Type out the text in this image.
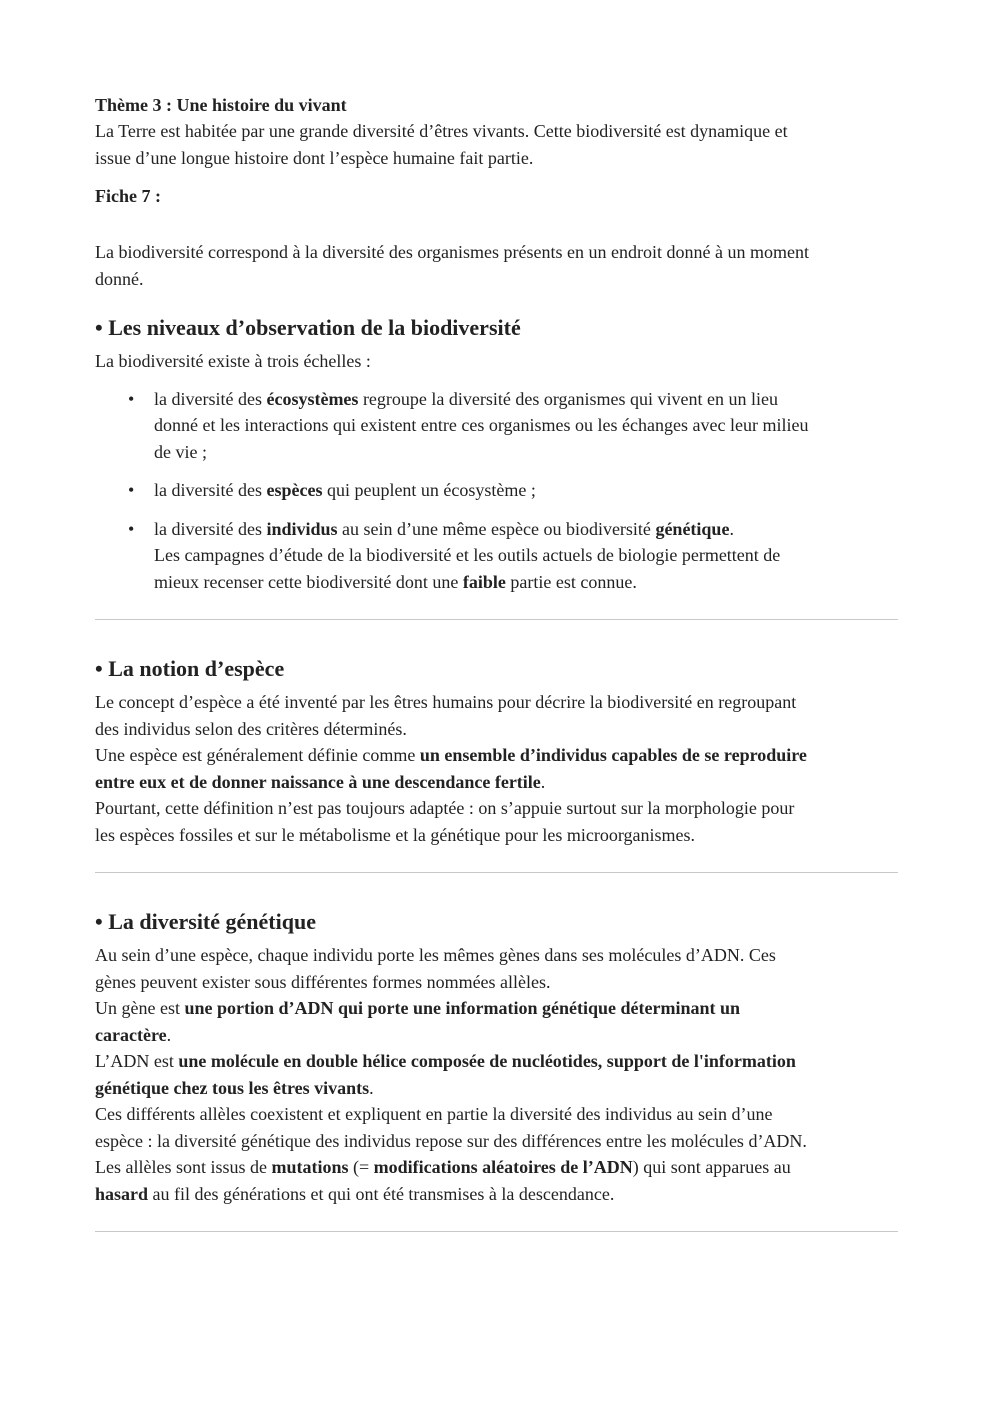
Thème 3 : Une histoire du vivant

La Terre est habitée par une grande diversité d’êtres vivants. Cette biodiversité est dynamique et

issue d’une longue histoire dont l’espèce humaine fait partie.

Fiche 7 :

La biodiversité correspond à la diversité des organismes présents en un endroit donné à un moment

donné.

• Les niveaux d’observation de la biodiversité

La biodiversité existe à trois échelles :

• la diversité des écosystèmes regroupe la diversité des organismes qui vivent en un lieu
donné et les interactions qui existent entre ces organismes ou les échanges avec leur milieu
de vie ;
• la diversité des espèces qui peuplent un écosystème ;
• la diversité des individus au sein d’une même espèce ou biodiversité génétique.
Les campagnes d’étude de la biodiversité et les outils actuels de biologie permettent de
mieux recenser cette biodiversité dont une faible partie est connue.
• La notion d’espèce

Le concept d’espèce a été inventé par les êtres humains pour décrire la biodiversité en regroupant

des individus selon des critères déterminés.

Une espèce est généralement définie comme un ensemble d’individus capables de se reproduire

entre eux et de donner naissance à une descendance fertile.

Pourtant, cette définition n’est pas toujours adaptée : on s’appuie surtout sur la morphologie pour

les espèces fossiles et sur le métabolisme et la génétique pour les microorganismes.

• La diversité génétique

Au sein d’une espèce, chaque individu porte les mêmes gènes dans ses molécules d’ADN. Ces

gènes peuvent exister sous différentes formes nommées allèles.

Un gène est une portion d’ADN qui porte une information génétique déterminant un

caractère.

L’ADN est une molécule en double hélice composée de nucléotides, support de l'information

génétique chez tous les êtres vivants.

Ces différents allèles coexistent et expliquent en partie la diversité des individus au sein d’une

espèce : la diversité génétique des individus repose sur des différences entre les molécules d’ADN.

Les allèles sont issus de mutations (= modifications aléatoires de l’ADN) qui sont apparues au

hasard au fil des générations et qui ont été transmises à la descendance.
